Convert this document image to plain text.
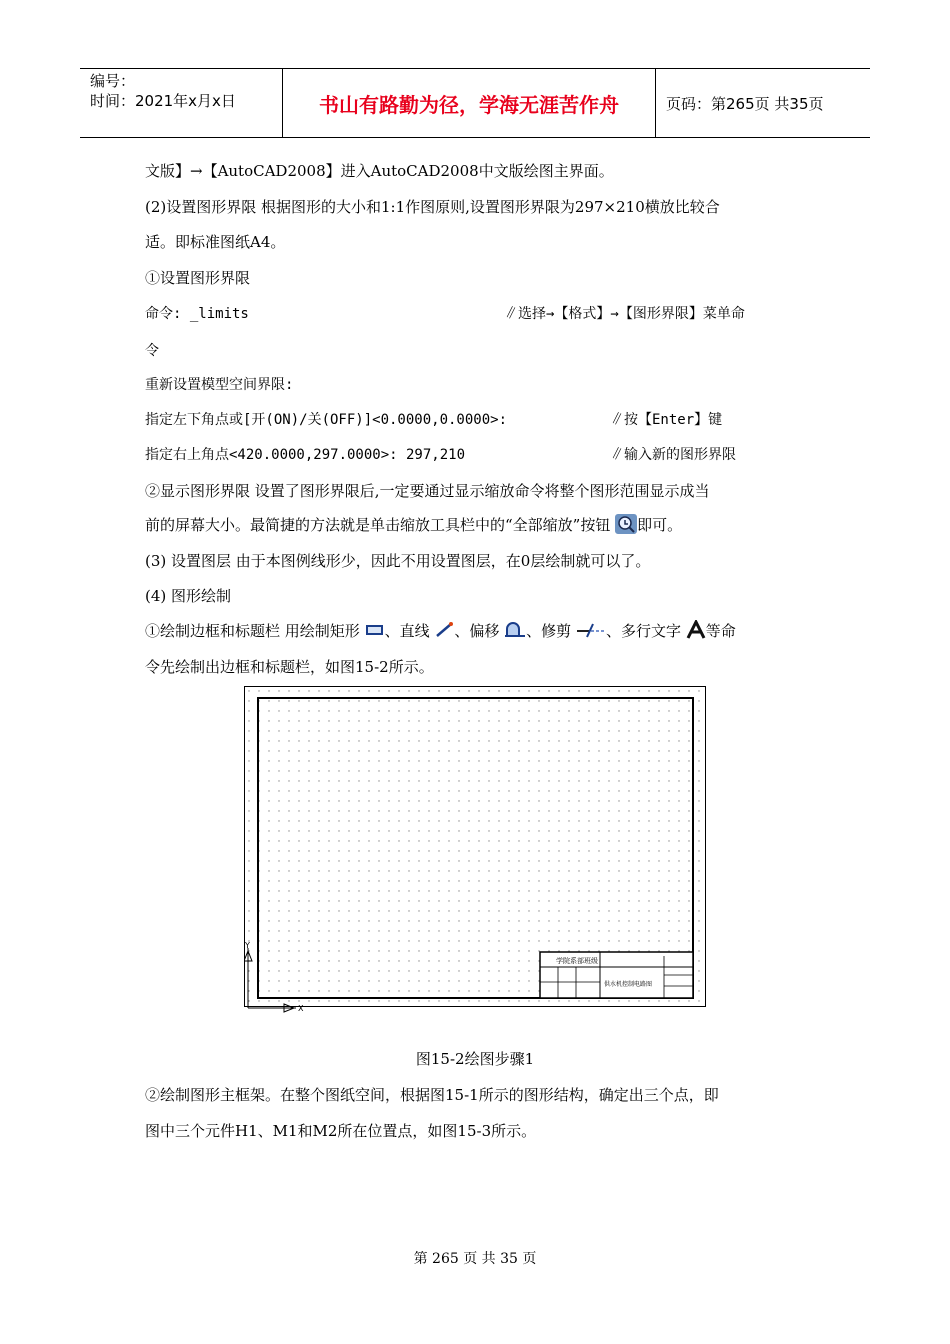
编号：
时间：2021年x月x日	书山有路勤为径，学海无涯苦作舟	页码：第265页 共35页
文版】→【AutoCAD2008】进入AutoCAD2008中文版绘图主界面。
(2)设置图形界限 根据图形的大小和1:1作图原则,设置图形界限为297×210横放比较合
适。即标准图纸A4。
①设置图形界限
命令: _limits	∥选择→【格式】→【图形界限】菜单命
令
重新设置模型空间界限:
指定左下角点或[开(ON)/关(OFF)]<0.0000,0.0000>:	∥按【Enter】键
指定右上角点<420.0000,297.0000>: 297,210	∥输入新的图形界限
②显示图形界限 设置了图形界限后,一定要通过显示缩放命令将整个图形范围显示成当
前的屏幕大小。最简捷的方法就是单击缩放工具栏中的“全部缩放”按钮 即可。
(3) 设置图层 由于本图例线形少，因此不用设置图层，在0层绘制就可以了。
(4) 图形绘制
①绘制边框和标题栏 用绘制矩形 、直线 、偏移 、修剪 、多行文字 等命
令先绘制出边框和标题栏，如图15-2所示。
学院系部班级
供水机控制电路图
Y
X
图15-2绘图步骤1
②绘制图形主框架。在整个图纸空间，根据图15-1所示的图形结构，确定出三个点，即
图中三个元件H1、M1和M2所在位置点，如图15-3所示。
第 265 页 共 35 页
